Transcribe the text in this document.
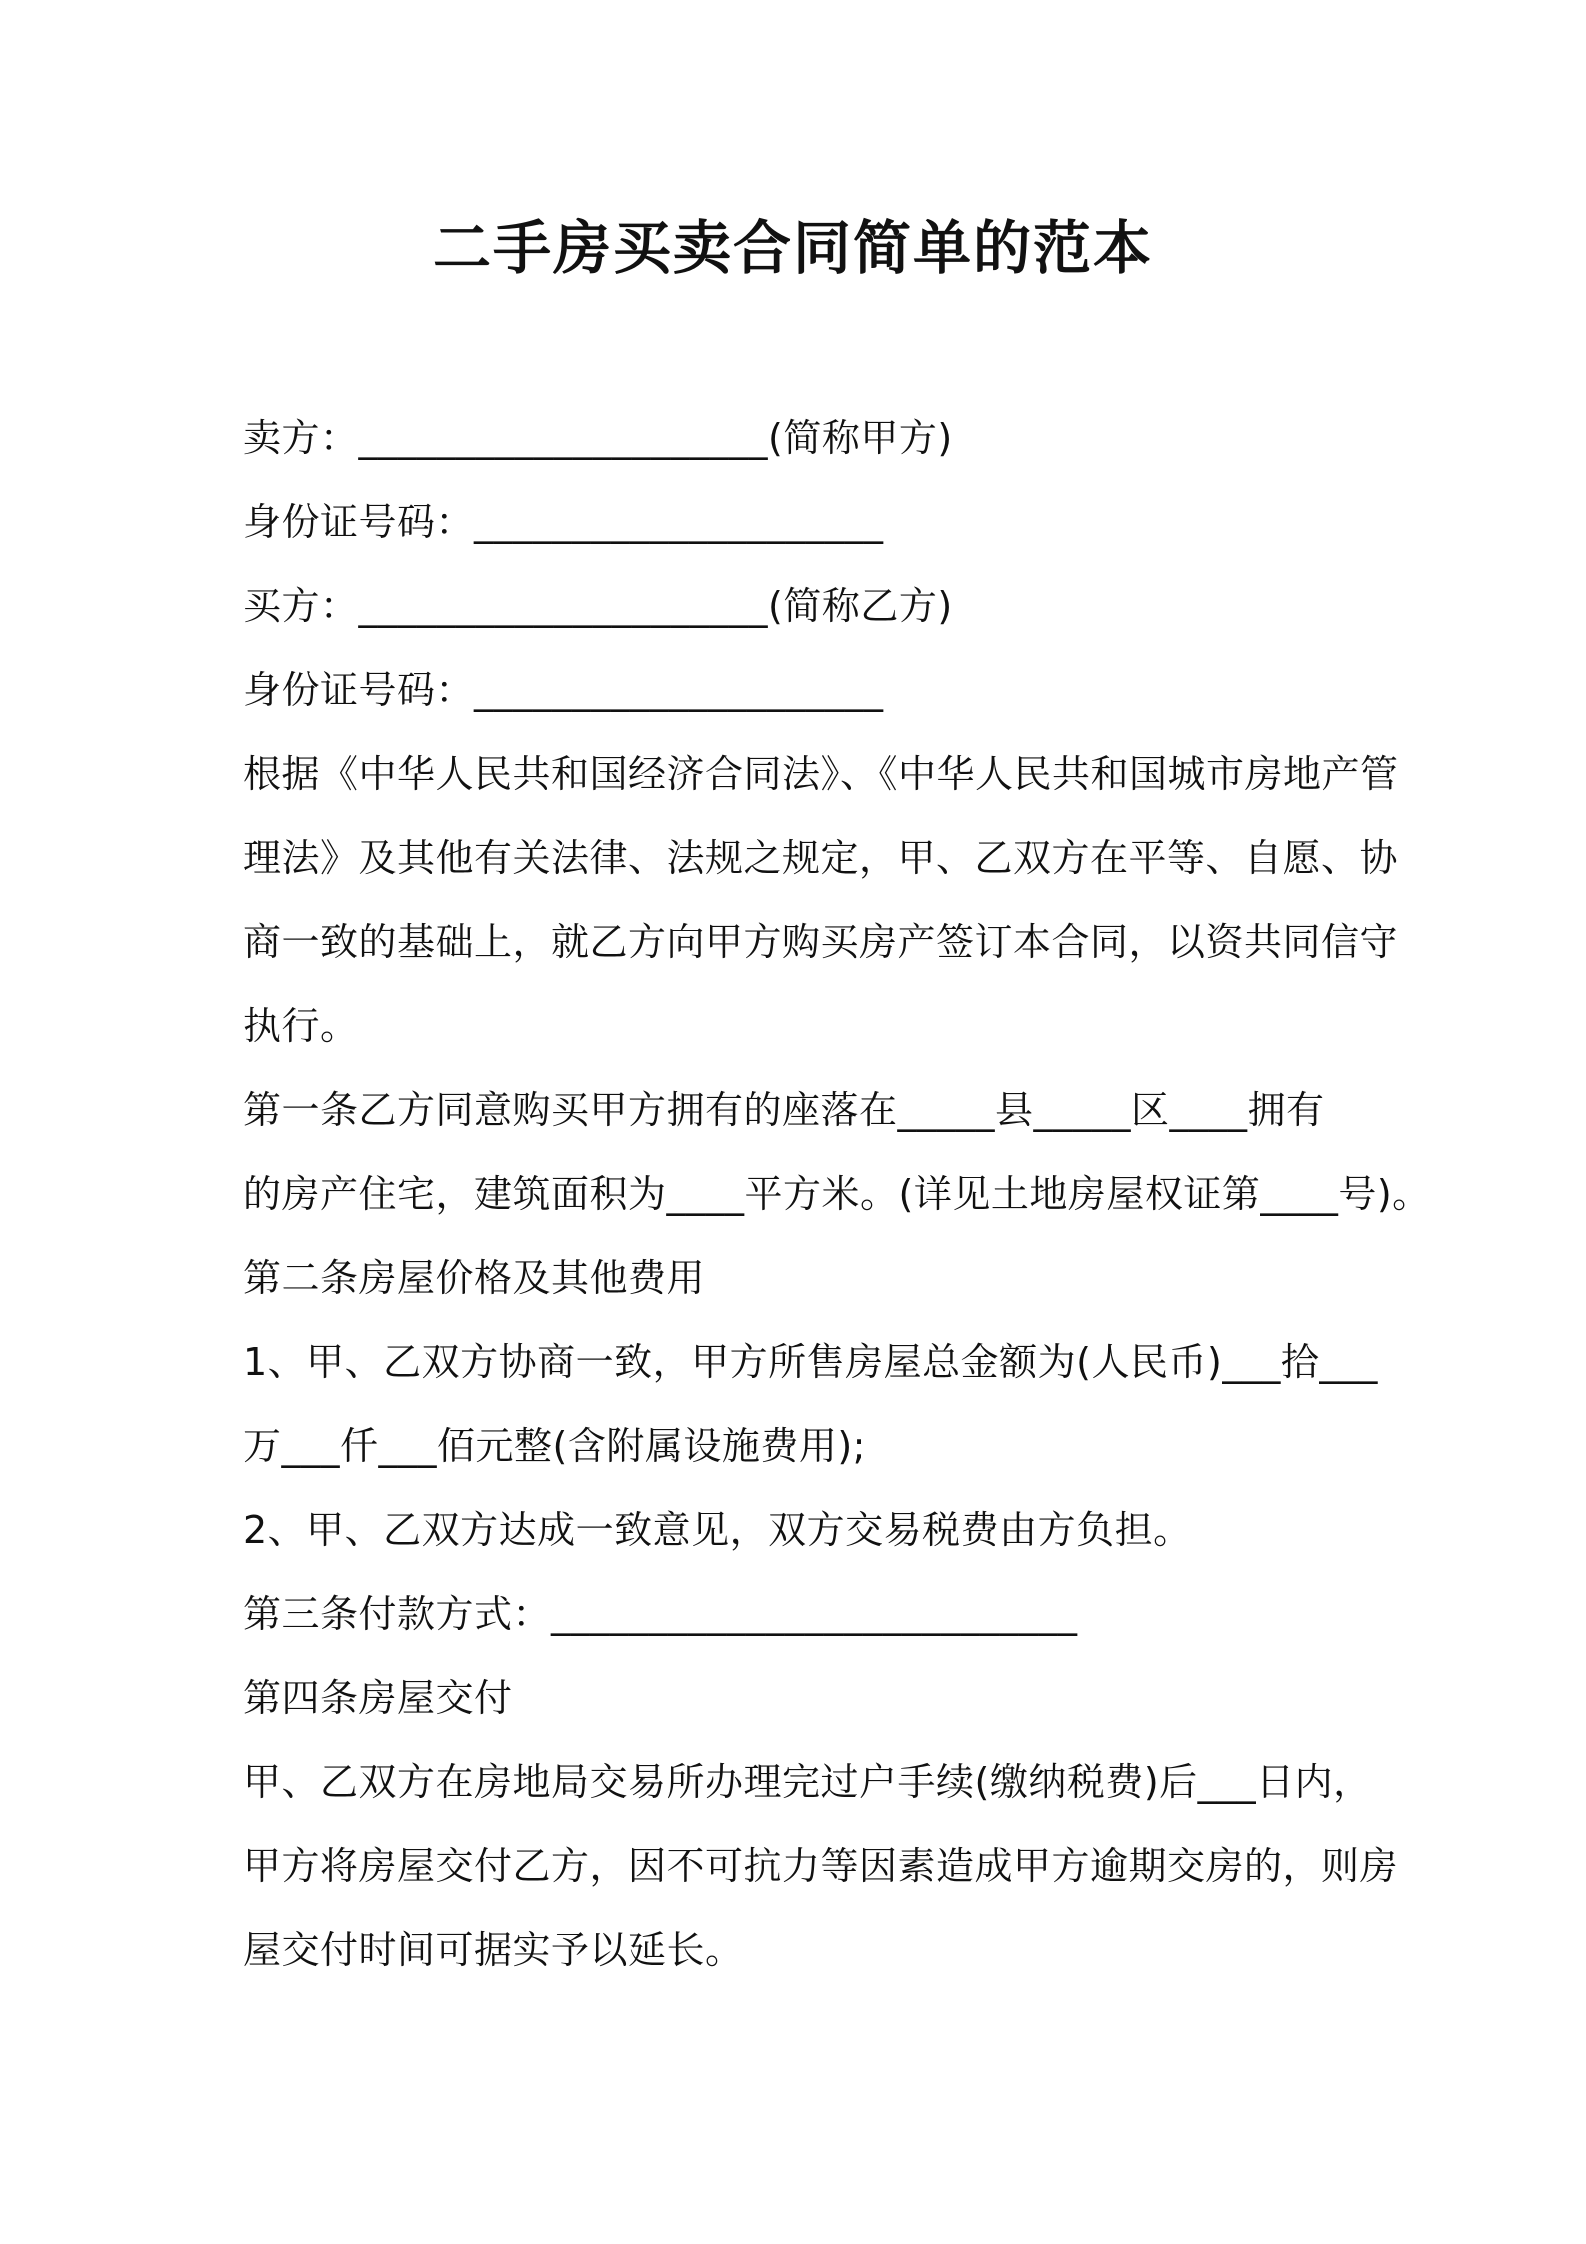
二手房买卖合同简单的范本
卖方：_____________________(简称甲方)
身份证号码：_____________________
买方：_____________________(简称乙方)
身份证号码：_____________________
根据《中华人民共和国经济合同法》、《中华人民共和国城市房地产管
理法》及其他有关法律、法规之规定，甲、乙双方在平等、自愿、协
商一致的基础上，就乙方向甲方购买房产签订本合同，以资共同信守
执行。
第一条乙方同意购买甲方拥有的座落在_____县_____区____拥有
的房产住宅，建筑面积为____平方米。(详见土地房屋权证第____号)。
第二条房屋价格及其他费用
1、甲、乙双方协商一致，甲方所售房屋总金额为(人民币)___拾___
万___仟___佰元整(含附属设施费用);
2、甲、乙双方达成一致意见，双方交易税费由方负担。
第三条付款方式：___________________________
第四条房屋交付
甲、乙双方在房地局交易所办理完过户手续(缴纳税费)后___日内，
甲方将房屋交付乙方，因不可抗力等因素造成甲方逾期交房的，则房
屋交付时间可据实予以延长。
